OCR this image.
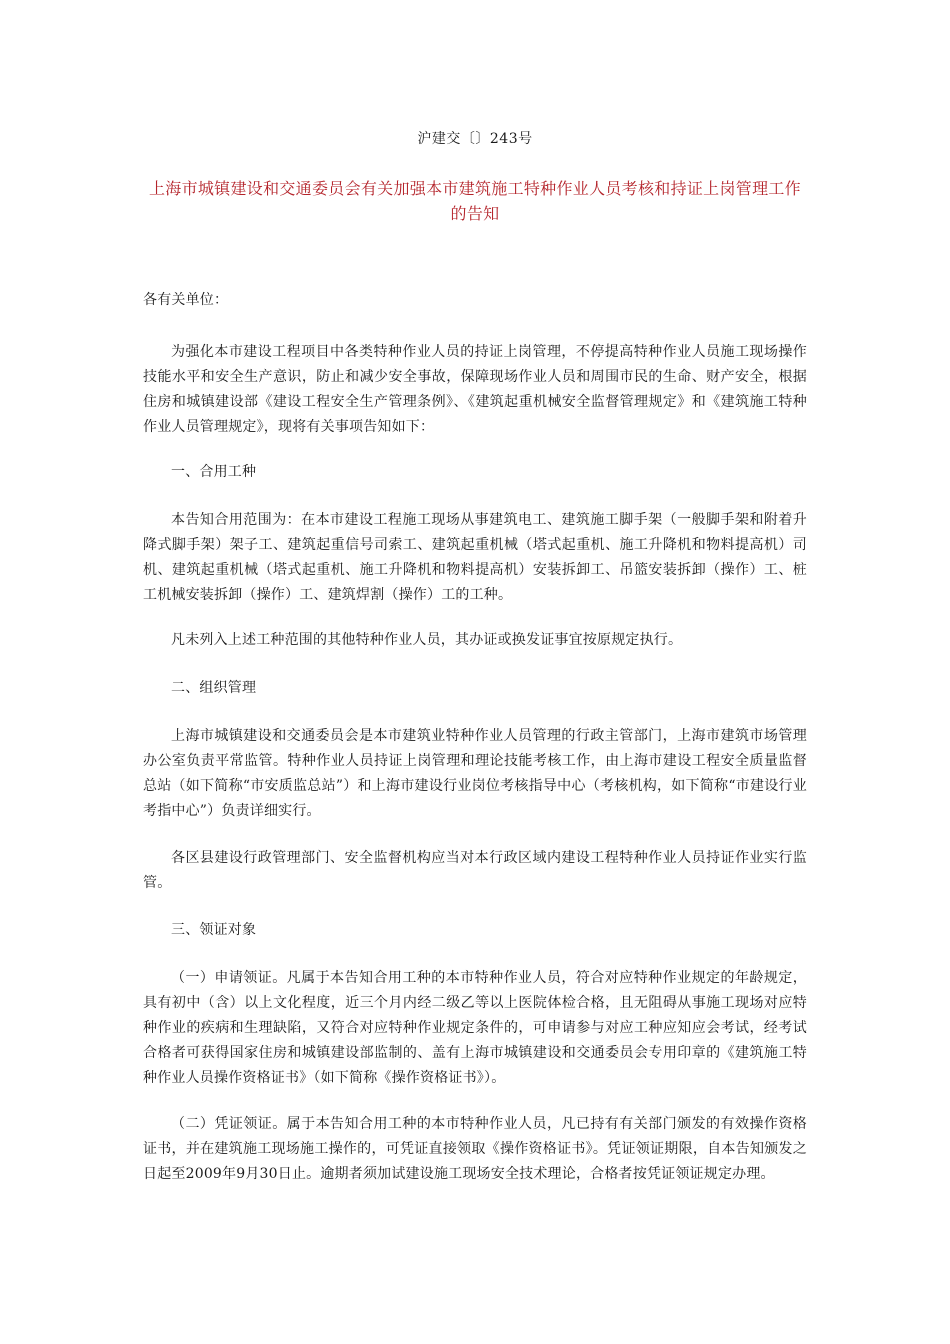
沪建交〔〕243号
上海市城镇建设和交通委员会有关加强本市建筑施工特种作业人员考核和持证上岗管理工作的告知

各有关单位：

为强化本市建设工程项目中各类特种作业人员的持证上岗管理，不停提高特种作业人员施工现场操作技能水平和安全生产意识，防止和减少安全事故，保障现场作业人员和周围市民的生命、财产安全，根据住房和城镇建设部《建设工程安全生产管理条例》、《建筑起重机械安全监督管理规定》和《建筑施工特种作业人员管理规定》，现将有关事项告知如下：

一、合用工种

本告知合用范围为：在本市建设工程施工现场从事建筑电工、建筑施工脚手架（一般脚手架和附着升降式脚手架）架子工、建筑起重信号司索工、建筑起重机械（塔式起重机、施工升降机和物料提高机）司机、建筑起重机械（塔式起重机、施工升降机和物料提高机）安装拆卸工、吊篮安装拆卸（操作）工、桩工机械安装拆卸（操作）工、建筑焊割（操作）工的工种。

凡未列入上述工种范围的其他特种作业人员，其办证或换发证事宜按原规定执行。

二、组织管理

上海市城镇建设和交通委员会是本市建筑业特种作业人员管理的行政主管部门，上海市建筑市场管理办公室负责平常监管。特种作业人员持证上岗管理和理论技能考核工作，由上海市建设工程安全质量监督总站（如下简称“市安质监总站”）和上海市建设行业岗位考核指导中心（考核机构，如下简称“市建设行业考指中心”）负责详细实行。

各区县建设行政管理部门、安全监督机构应当对本行政区域内建设工程特种作业人员持证作业实行监管。

三、领证对象

（一）申请领证。凡属于本告知合用工种的本市特种作业人员，符合对应特种作业规定的年龄规定，具有初中（含）以上文化程度，近三个月内经二级乙等以上医院体检合格，且无阻碍从事施工现场对应特种作业的疾病和生理缺陷，又符合对应特种作业规定条件的，可申请参与对应工种应知应会考试，经考试合格者可获得国家住房和城镇建设部监制的、盖有上海市城镇建设和交通委员会专用印章的《建筑施工特种作业人员操作资格证书》（如下简称《操作资格证书》）。

（二）凭证领证。属于本告知合用工种的本市特种作业人员，凡已持有有关部门颁发的有效操作资格证书，并在建筑施工现场施工操作的，可凭证直接领取《操作资格证书》。凭证领证期限，自本告知颁发之日起至2009年9月30日止。逾期者须加试建设施工现场安全技术理论，合格者按凭证领证规定办理。
